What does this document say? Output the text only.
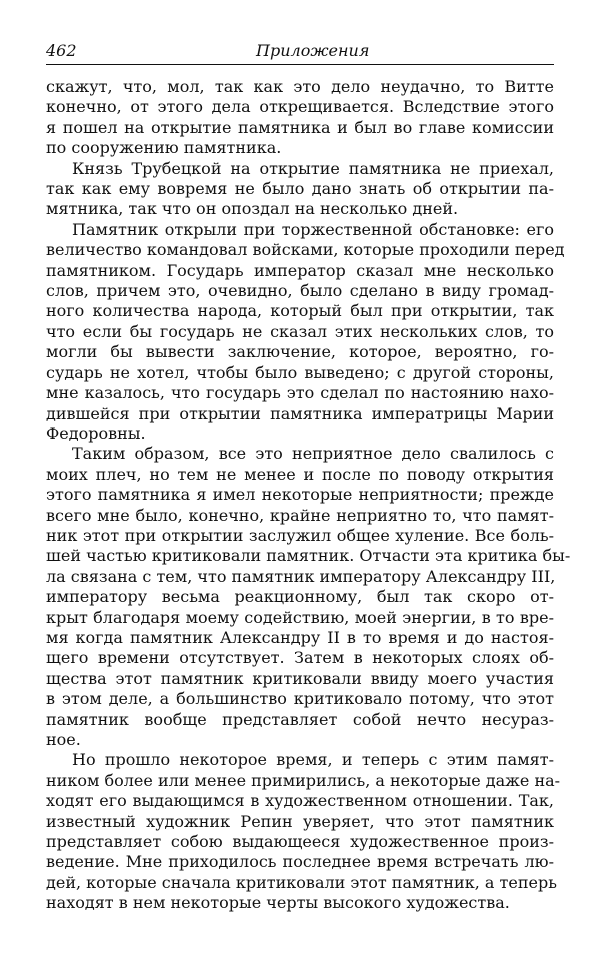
462	Приложения

скажут, что, мол, так как это дело неудачно, то Витте
конечно, от этого дела открещивается. Вследствие этого
я пошел на открытие памятника и был во главе комиссии
по сооружению памятника.

Князь Трубецкой на открытие памятника не приехал,
так как ему вовремя не было дано знать об открытии па-
мятника, так что он опоздал на несколько дней.

Памятник открыли при торжественной обстановке: его
величество командовал войсками, которые проходили перед
памятником. Государь император сказал мне несколько
слов, причем это, очевидно, было сделано в виду громад-
ного количества народа, который был при открытии, так
что если бы государь не сказал этих нескольких слов, то
могли бы вывести заключение, которое, вероятно, го-
сударь не хотел, чтобы было выведено; с другой стороны,
мне казалось, что государь это сделал по настоянию нахо-
дившейся при открытии памятника императрицы Марии
Федоровны.

Таким образом, все это неприятное дело свалилось с
моих плеч, но тем не менее и после по поводу открытия
этого памятника я имел некоторые неприятности; прежде
всего мне было, конечно, крайне неприятно то, что памят-
ник этот при открытии заслужил общее хуление. Все боль-
шей частью критиковали памятник. Отчасти эта критика бы-
ла связана с тем, что памятник императору Александру III,
императору весьма реакционному, был так скоро от-
крыт благодаря моему содействию, моей энергии, в то вре-
мя когда памятник Александру II в то время и до настоя-
щего времени отсутствует. Затем в некоторых слоях об-
щества этот памятник критиковали ввиду моего участия
в этом деле, а большинство критиковало потому, что этот
памятник вообще представляет собой нечто несураз-
ное.

Но прошло некоторое время, и теперь с этим памят-
ником более или менее примирились, а некоторые даже на-
ходят его выдающимся в художественном отношении. Так,
известный художник Репин уверяет, что этот памятник
представляет собою выдающееся художественное произ-
ведение. Мне приходилось последнее время встречать лю-
дей, которые сначала критиковали этот памятник, а теперь
находят в нем некоторые черты высокого художества.
